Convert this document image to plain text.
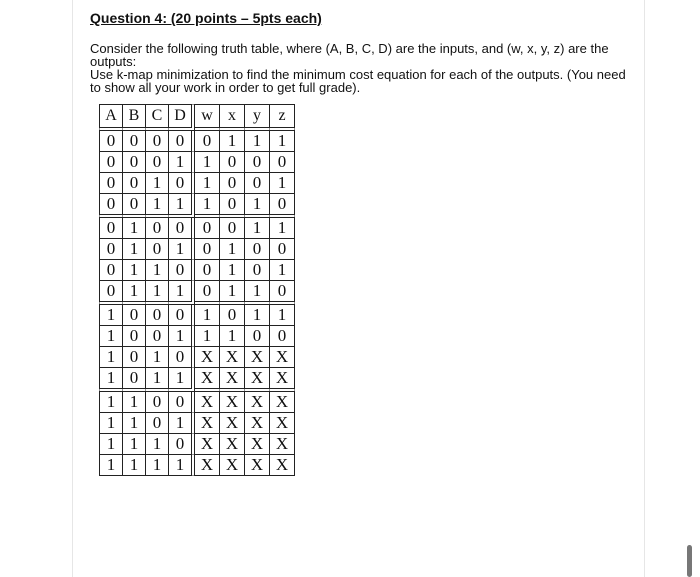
Question 4: (20 points – 5pts each)

Consider the following truth table, where (A, B, C, D) are the inputs, and (w, x, y, z) are the outputs:

Use k-map minimization to find the minimum cost equation for each of the outputs. (You need to show all your work in order to get full grade).

A	B	C	D	w	x	y	z
0	0	0	0	0	1	1	1
0	0	0	1	1	0	0	0
0	0	1	0	1	0	0	1
0	0	1	1	1	0	1	0
0	1	0	0	0	0	1	1
0	1	0	1	0	1	0	0
0	1	1	0	0	1	0	1
0	1	1	1	0	1	1	0
1	0	0	0	1	0	1	1
1	0	0	1	1	1	0	0
1	0	1	0	X	X	X	X
1	0	1	1	X	X	X	X
1	1	0	0	X	X	X	X
1	1	0	1	X	X	X	X
1	1	1	0	X	X	X	X
1	1	1	1	X	X	X	X
